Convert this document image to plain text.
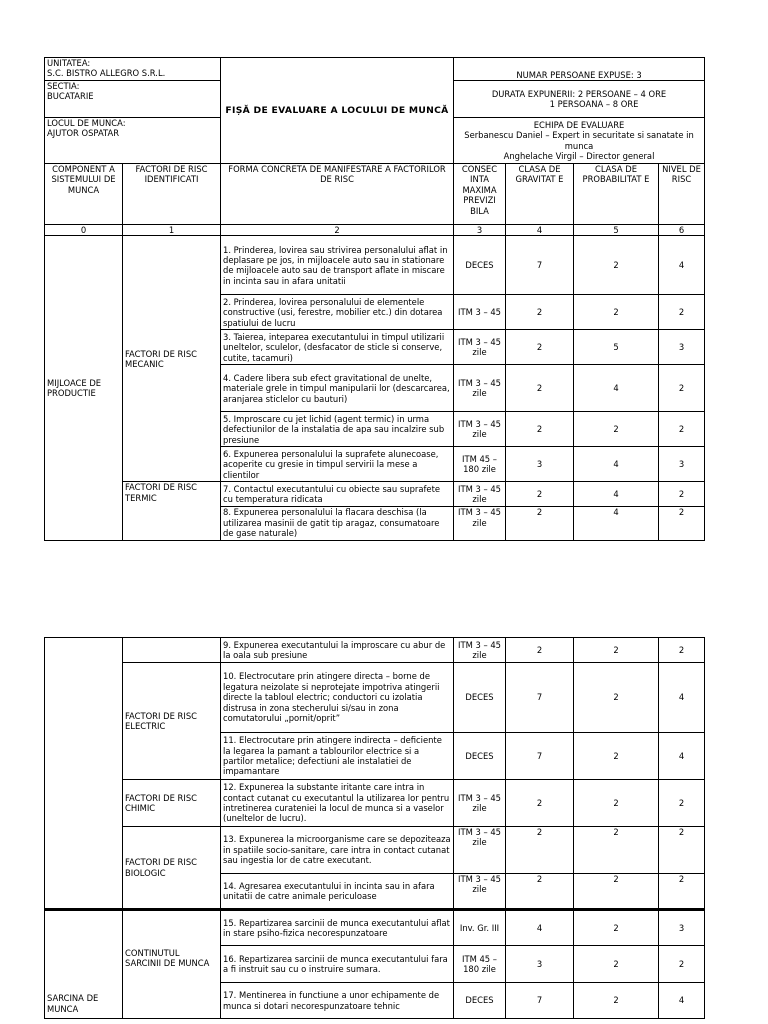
UNITATEA:
S.C. BISTRO ALLEGRO S.R.L.		FIȘĂ DE EVALUARE A LOCULUI DE MUNCĂ	NUMAR PERSOANE EXPUSE: 3			

SECTIA:
BUCATARIE			DURATA EXPUNERII: 2 PERSOANE – 4 ORE
1 PERSOANA – 8 ORE			

LOCUL DE MUNCA:
AJUTOR OSPATAR			ECHIPA DE EVALUARE
Serbanescu Daniel – Expert in securitate si sanatate in munca
Anghelache Virgil – Director general			

COMPONENT A SISTEMULUI DE MUNCA	FACTORI DE RISC IDENTIFICATI	FORMA CONCRETA DE MANIFESTARE A FACTORILOR DE RISC	CONSEC INTA MAXIMA PREVIZI BILA	CLASA DE GRAVITAT E	CLASA DE PROBABILITAT E	NIVEL DE RISC
0	1	2	3	4	5	6
MIJLOACE DE PRODUCTIE	FACTORI DE RISC MECANIC	1. Prinderea, lovirea sau strivirea personalului aflat in deplasare pe jos, in mijloacele auto sau in stationare de mijloacele auto sau de transport aflate in miscare in incinta sau in afara unitatii	DECES	7	2	4
		2. Prinderea, lovirea personalului de elementele constructive (usi, ferestre, mobilier etc.) din dotarea spatiului de lucru	ITM 3 – 45	2	2	2
		3. Taierea, inteparea executantului in timpul utilizarii uneltelor, sculelor, (desfacator de sticle si conserve, cutite, tacamuri)	ITM 3 – 45 zile	2	5	3
		4. Cadere libera sub efect gravitational de unelte, materiale grele in timpul manipularii lor (descarcarea, aranjarea sticlelor cu bauturi)	ITM 3 – 45 zile	2	4	2
		5. Improscare cu jet lichid (agent termic) in urma defectiunilor de la instalatia de apa sau incalzire sub presiune	ITM 3 – 45 zile	2	2	2
		6. Expunerea personalului la suprafete alunecoase, acoperite cu gresie in timpul servirii la mese a clientilor	ITM 45 – 180 zile	3	4	3
	FACTORI DE RISC TERMIC	7. Contactul executantului cu obiecte sau suprafete cu temperatura ridicata	ITM 3 – 45 zile	2	4	2
		8. Expunerea personalului la flacara deschisa (la utilizarea masinii de gatit tip aragaz, consumatoare de gase naturale)	ITM 3 – 45 zile	2	4	2
		9. Expunerea executantului la improscare cu abur de la oala sub presiune	ITM 3 – 45 zile	2	2	2
	FACTORI DE RISC ELECTRIC	10. Electrocutare prin atingere directa – borne de legatura neizolate si neprotejate impotriva atingerii directe la tabloul electric; conductori cu izolatia distrusa in zona stecherului si/sau in zona comutatorului „pornit/oprit”	DECES	7	2	4
		11. Electrocutare prin atingere indirecta – deficiente la legarea la pamant a tablourilor electrice si a partilor metalice; defectiuni ale instalatiei de impamantare	DECES	7	2	4
	FACTORI DE RISC CHIMIC	12. Expunerea la substante iritante care intra in contact cutanat cu executantul la utilizarea lor pentru intretinerea curateniei la locul de munca si a vaselor (uneltelor de lucru).	ITM 3 – 45 zile	2	2	2
	FACTORI DE RISC BIOLOGIC	13. Expunerea la microorganisme care se depoziteaza in spatiile socio-sanitare, care intra in contact cutanat sau ingestia lor de catre executant.	ITM 3 – 45 zile	2	2	2
		14. Agresarea executantului in incinta sau in afara unitatii de catre animale periculoase	ITM 3 – 45 zile	2	2	2
SARCINA DE MUNCA	CONTINUTUL SARCINII DE MUNCA	15. Repartizarea sarcinii de munca executantului aflat in stare psiho-fizica necorespunzatoare	Inv. Gr. III	4	2	3
		16. Repartizarea sarcinii de munca executantului fara a fi instruit sau cu o instruire sumara.	ITM 45 – 180 zile	3	2	2
		17. Mentinerea in functiune a unor echipamente de munca si dotari necorespunzatoare tehnic	DECES	7	2	4
